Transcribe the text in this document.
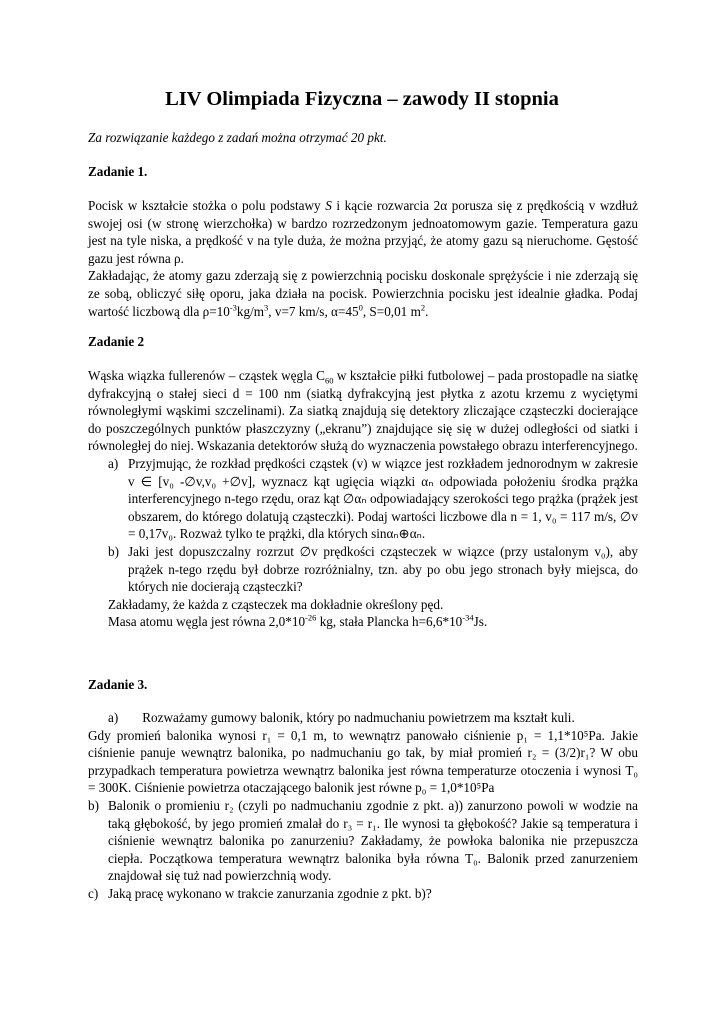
LIV Olimpiada Fizyczna – zawody II stopnia
Za rozwiązanie każdego z zadań można otrzymać 20 pkt.
Zadanie 1.

Pocisk w kształcie stożka o polu podstawy S i kącie rozwarcia 2α porusza się z prędkością v wzdłuż swojej osi (w stronę wierzchołka) w bardzo rozrzedzonym jednoatomowym gazie. Temperatura gazu jest na tyle niska, a prędkość v na tyle duża, że można przyjąć, że atomy gazu są nieruchome. Gęstość gazu jest równa ρ.

Zakładając, że atomy gazu zderzają się z powierzchnią pocisku doskonale sprężyście i nie zderzają się ze sobą, obliczyć siłę oporu, jaka działa na pocisk. Powierzchnia pocisku jest idealnie gładka. Podaj wartość liczbową dla $\rho=10^{-3}kg/m^3$, v=7 km/s, $\alpha=45^0$, S=0,01 $m^2$.

Zadanie 2

Wąska wiązka fullerenów – cząstek węgla $C_{60}$ w kształcie piłki futbolowej – pada prostopadle na siatkę dyfrakcyjną o stałej sieci d = 100 nm (siatką dyfrakcyjną jest płytka z azotu krzemu z wyciętymi równoległymi wąskimi szczelinami). Za siatką znajdują się detektory zliczające cząsteczki docierające do poszczególnych punktów płaszczyzny („ekranu”) znajdujące się się w dużej odległości od siatki i równoległej do niej. Wskazania detektorów służą do wyznaczenia powstałego obrazu interferencyjnego.

a) Przyjmując, że rozkład prędkości cząstek (v) w wiązce jest rozkładem jednorodnym w zakresie v ∈ [v₀ -∅v,v₀ +∅v], wyznacz kąt ugięcia wiązki αₙ odpowiada położeniu środka prążka interferencyjnego n-tego rzędu, oraz kąt ∅αₙ odpowiadający szerokości tego prążka (prążek jest obszarem, do którego dolatują cząsteczki). Podaj wartości liczbowe dla n = 1, v₀ = 117 m/s, ∅v = 0,17v₀. Rozważ tylko te prążki, dla których sinαₙ⊕αₙ.
b) Jaki jest dopuszczalny rozrzut ∅v prędkości cząsteczek w wiązce (przy ustalonym v₀), aby prążek n-tego rzędu był dobrze rozróżnialny, tzn. aby po obu jego stronach były miejsca, do których nie docierają cząsteczki?

Zakładamy, że każda z cząsteczek ma dokładnie określony pęd.

Masa atomu węgla jest równa $2,0*10^{-26}$ kg, stała Plancka $h=6,6*10^{-34}Js$.

Zadanie 3.

a) Rozważamy gumowy balonik, który po nadmuchaniu powietrzem ma kształt kuli.

Gdy promień balonika wynosi r₁ = 0,1 m, to wewnątrz panowało ciśnienie p₁ = 1,1*10⁵Pa. Jakie ciśnienie panuje wewnątrz balonika, po nadmuchaniu go tak, by miał promień r₂ = (3/2)r₁? W obu przypadkach temperatura powietrza wewnątrz balonika jest równa temperaturze otoczenia i wynosi T₀ = 300K. Ciśnienie powietrza otaczającego balonik jest równe p₀ = 1,0*10⁵Pa

b) Balonik o promieniu r₂ (czyli po nadmuchaniu zgodnie z pkt. a)) zanurzono powoli w wodzie na taką głębokość, by jego promień zmalał do r₃ = r₁. Ile wynosi ta głębokość? Jakie są temperatura i ciśnienie wewnątrz balonika po zanurzeniu? Zakładamy, że powłoka balonika nie przepuszcza ciepła. Początkowa temperatura wewnątrz balonika była równa T₀. Balonik przed zanurzeniem znajdował się tuż nad powierzchnią wody.
c) Jaką pracę wykonano w trakcie zanurzania zgodnie z pkt. b)?
